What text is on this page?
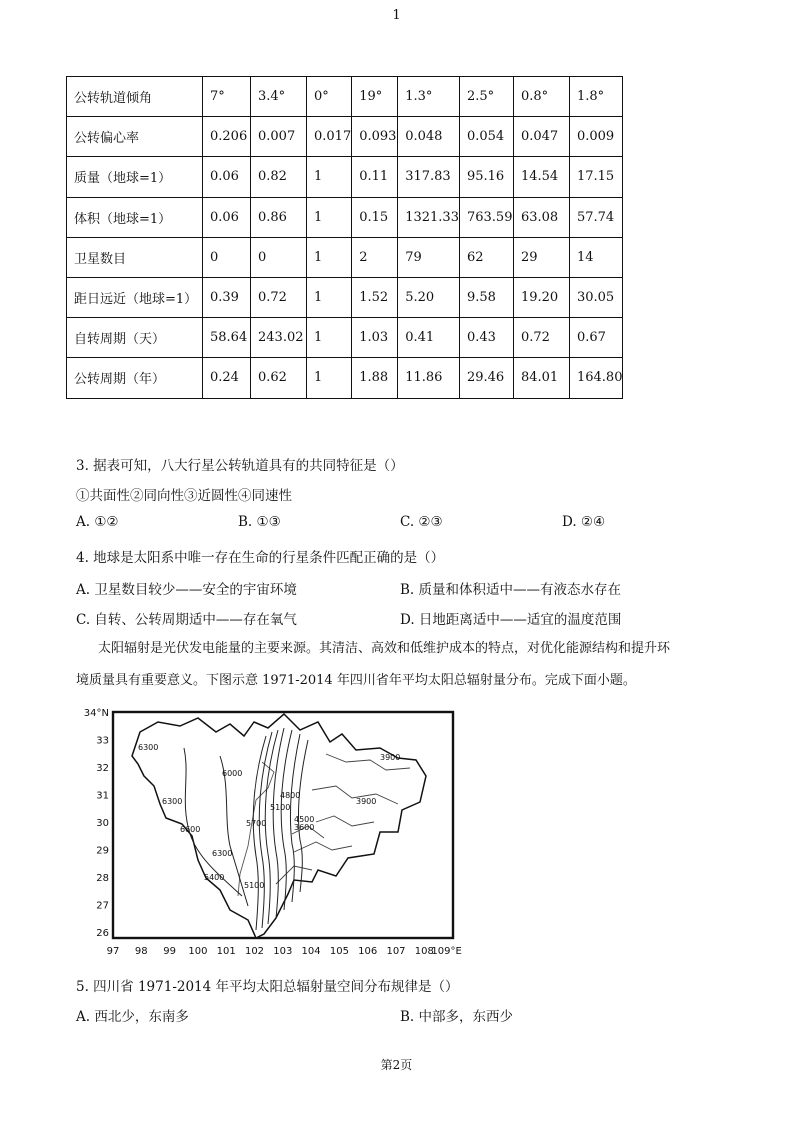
1
公转轨道倾角	7°	3.4°	0°	19°	1.3°	2.5°	0.8°	1.8°
公转偏心率	0.206	0.007	0.017	0.093	0.048	0.054	0.047	0.009
质量（地球=1）	0.06	0.82	1	0.11	317.83	95.16	14.54	17.15
体积（地球=1）	0.06	0.86	1	0.15	1321.33	763.59	63.08	57.74
卫星数目	0	0	1	2	79	62	29	14
距日远近（地球=1）	0.39	0.72	1	1.52	5.20	9.58	19.20	30.05
自转周期（天）	58.64	243.02	1	1.03	0.41	0.43	0.72	0.67
公转周期（年）	0.24	0.62	1	1.88	11.86	29.46	84.01	164.80
3. 据表可知，八大行星公转轨道具有的共同特征是（）
①共面性②同向性③近圆性④同速性
A. ①②	B. ①③	C. ②③	D. ②④
4. 地球是太阳系中唯一存在生命的行星条件匹配正确的是（）
A. 卫星数目较少——安全的宇宙环境	B. 质量和体积适中——有液态水存在
C. 自转、公转周期适中——存在氧气	D. 日地距离适中——适宜的温度范围
太阳辐射是光伏发电能量的主要来源。其清洁、高效和低维护成本的特点，对优化能源结构和提升环
境质量具有重要意义。下图示意 1971-2014 年四川省年平均太阳总辐射量分布。完成下面小题。
34°N
33
32
31
30
29
28
27
26
97 98 99 100 101 102 103 104 105 106 107 108
109°E
6300
6000
6300
6600
5700
6300
5400
5100
5100
4800
4500
3900
3600
3900
5. 四川省 1971-2014 年平均太阳总辐射量空间分布规律是（）
A. 西北少，东南多	B. 中部多，东西少
第2页
